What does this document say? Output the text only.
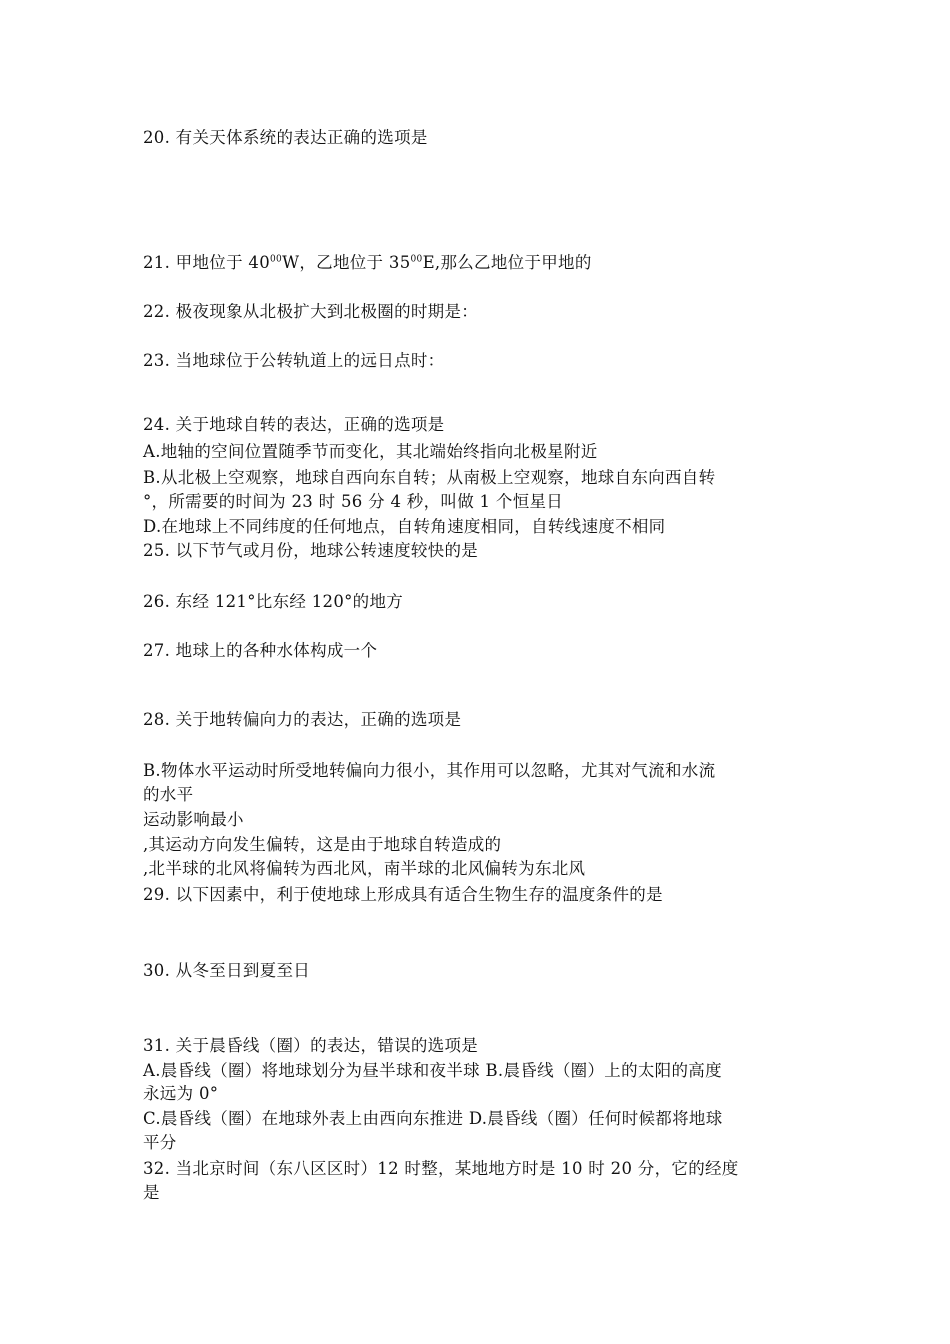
20. 有关天体系统的表达正确的选项是

21. 甲地位于 $40^{00}W$，乙地位于 $35^{00}E$,那么乙地位于甲地的

22. 极夜现象从北极扩大到北极圈的时期是：

23. 当地球位于公转轨道上的远日点时：

24. 关于地球自转的表达，正确的选项是

A.地轴的空间位置随季节而变化，其北端始终指向北极星附近

B.从北极上空观察，地球自西向东自转；从南极上空观察，地球自东向西自转

°，所需要的时间为 23 时 56 分 4 秒，叫做 1 个恒星日

D.在地球上不同纬度的任何地点，自转角速度相同，自转线速度不相同

25. 以下节气或月份，地球公转速度较快的是

26. 东经 121°比东经 120°的地方

27. 地球上的各种水体构成一个

28. 关于地转偏向力的表达，正确的选项是

B.物体水平运动时所受地转偏向力很小，其作用可以忽略，尤其对气流和水流

的水平

运动影响最小

,其运动方向发生偏转，这是由于地球自转造成的

,北半球的北风将偏转为西北风，南半球的北风偏转为东北风

29. 以下因素中，利于使地球上形成具有适合生物生存的温度条件的是

30. 从冬至日到夏至日

31. 关于晨昏线（圈）的表达，错误的选项是

A.晨昏线（圈）将地球划分为昼半球和夜半球 B.晨昏线（圈）上的太阳的高度

永远为 0°

C.晨昏线（圈）在地球外表上由西向东推进 D.晨昏线（圈）任何时候都将地球

平分

32. 当北京时间（东八区区时）12 时整，某地地方时是 10 时 20 分，它的经度

是
